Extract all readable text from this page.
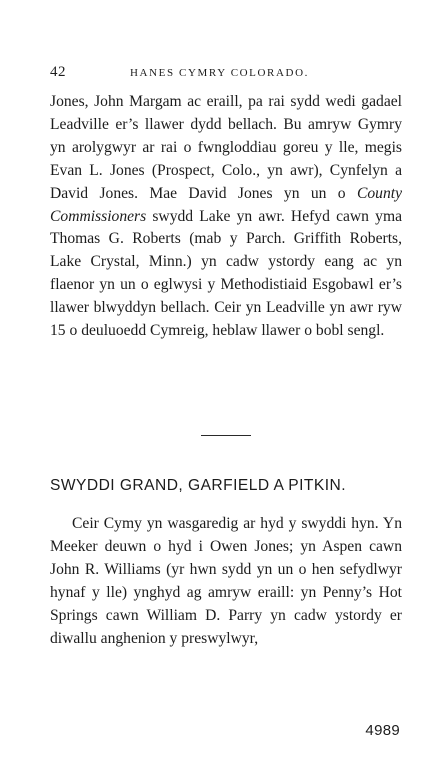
42	HANES CYMRY COLORADO.

Jones, John Margam ac eraill, pa rai sydd wedi gadael Leadville er’s llawer dydd bellach. Bu amryw Gymry yn arolygwyr ar rai o fwngloddiau goreu y lle, megis Evan L. Jones (Prospect, Colo., yn awr), Cynfelyn a David Jones. Mae David Jones yn un o County Commissioners swydd Lake yn awr. Hefyd cawn yma Thomas G. Roberts (mab y Parch. Griffith Roberts, Lake Crystal, Minn.) yn cadw ystordy eang ac yn flaenor yn un o eglwysi y Methodistiaid Esgobawl er’s llawer blwyddyn bellach. Ceir yn Leadville yn awr ryw 15 o deuluoedd Cymreig, heblaw llawer o bobl sengl.

SWYDDI GRAND, GARFIELD A PITKIN.

Ceir Cymy yn wasgaredig ar hyd y swyddi hyn. Yn Meeker deuwn o hyd i Owen Jones; yn Aspen cawn John R. Williams (yr hwn sydd yn un o hen sefydlwyr hynaf y lle) ynghyd ag amryw eraill: yn Penny’s Hot Springs cawn William D. Parry yn cadw ystordy er diwallu anghenion y preswylwyr,

4989
